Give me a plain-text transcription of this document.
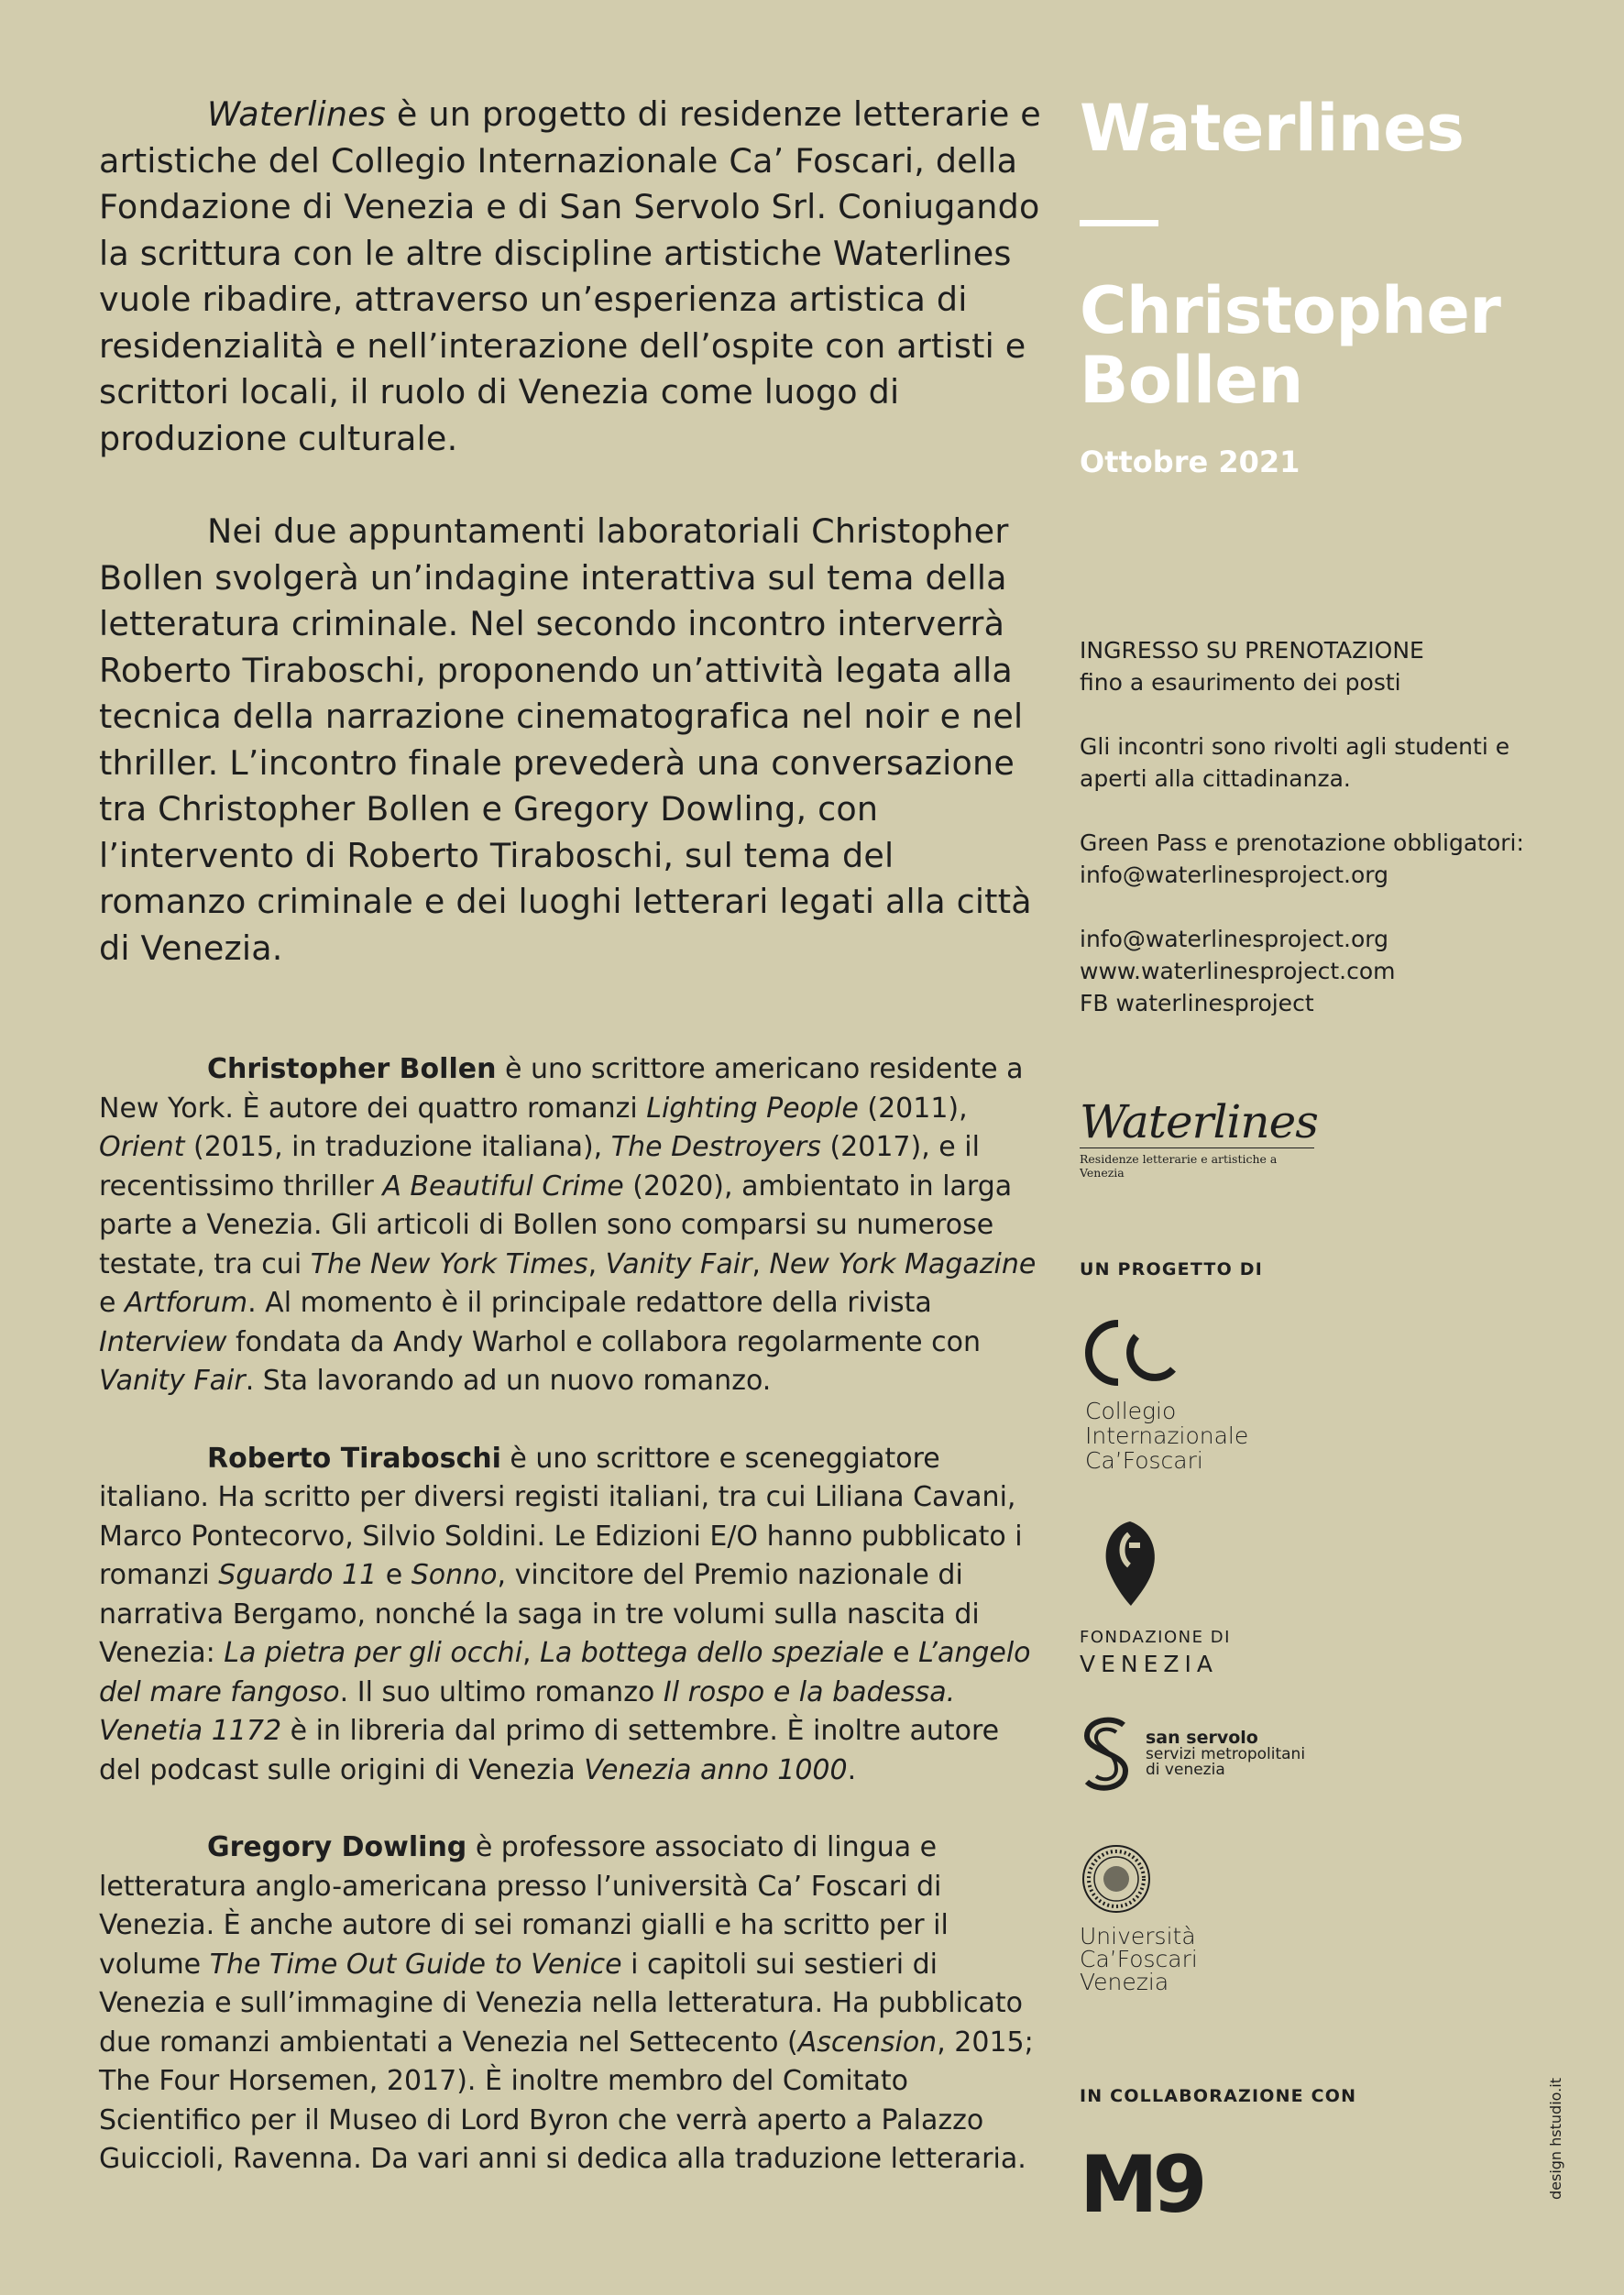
Waterlines è un progetto di residenze letterarie e artistiche del Collegio Internazionale Ca’ Foscari, della Fondazione di Venezia e di San Servolo Srl. Coniugando la scrittura con le altre discipline artistiche Waterlines vuole ribadire, attraverso un’esperienza artistica di residenzialità e nell’interazione dell’ospite con artisti e scrittori locali, il ruolo di Venezia come luogo di produzione culturale.

Nei due appuntamenti laboratoriali Christopher Bollen svolgerà un’indagine interattiva sul tema della letteratura criminale. Nel secondo incontro interverrà Roberto Tiraboschi, proponendo un’attività legata alla tecnica della narrazione cinematografica nel noir e nel thriller. L’incontro finale prevederà una conversazione tra Christopher Bollen e Gregory Dowling, con l’intervento di Roberto Tiraboschi, sul tema del romanzo criminale e dei luoghi letterari legati alla città di Venezia.

Christopher Bollen è uno scrittore americano residente a New York. È autore dei quattro romanzi Lighting People (2011), Orient (2015, in traduzione italiana), The Destroyers (2017), e il recentissimo thriller A Beautiful Crime (2020), ambientato in larga parte a Venezia. Gli articoli di Bollen sono comparsi su numerose testate, tra cui The New York Times, Vanity Fair, New York Magazine e Artforum. Al momento è il principale redattore della rivista Interview fondata da Andy Warhol e collabora regolarmente con Vanity Fair. Sta lavorando ad un nuovo romanzo.

Roberto Tiraboschi è uno scrittore e sceneggiatore italiano. Ha scritto per diversi registi italiani, tra cui Liliana Cavani, Marco Pontecorvo, Silvio Soldini. Le Edizioni E/O hanno pubblicato i romanzi Sguardo 11 e Sonno, vincitore del Premio nazionale di narrativa Bergamo, nonché la saga in tre volumi sulla nascita di Venezia: La pietra per gli occhi, La bottega dello speziale e L’angelo del mare fangoso. Il suo ultimo romanzo Il rospo e la badessa. Venetia 1172 è in libreria dal primo di settembre. È inoltre autore del podcast sulle origini di Venezia Venezia anno 1000.

Gregory Dowling è professore associato di lingua e letteratura anglo-americana presso l’università Ca’ Foscari di Venezia. È anche autore di sei romanzi gialli e ha scritto per il volume The Time Out Guide to Venice i capitoli sui sestieri di Venezia e sull’immagine di Venezia nella letteratura. Ha pubblicato due romanzi ambientati a Venezia nel Settecento (Ascension, 2015; The Four Horsemen, 2017). È inoltre membro del Comitato Scientifico per il Museo di Lord Byron che verrà aperto a Palazzo Guiccioli, Ravenna. Da vari anni si dedica alla traduzione letteraria.

Waterlines
Christopher
Bollen
Ottobre 2021
INGRESSO SU PRENOTAZIONE
fino a esaurimento dei posti
Gli incontri sono rivolti agli studenti e
aperti alla cittadinanza.
Green Pass e prenotazione obbligatori:
info@waterlinesproject.org
info@waterlinesproject.org
www.waterlinesproject.com
FB waterlinesproject
Waterlines
Residenze letterarie e artistiche a Venezia
UN PROGETTO DI
Collegio
Internazionale
Ca’Foscari
FONDAZIONE DI
VENEZIA
san servolo
servizi metropolitani
di venezia
Università
Ca’Foscari
Venezia
IN COLLABORAZIONE CON
M9	design hstudio.it
